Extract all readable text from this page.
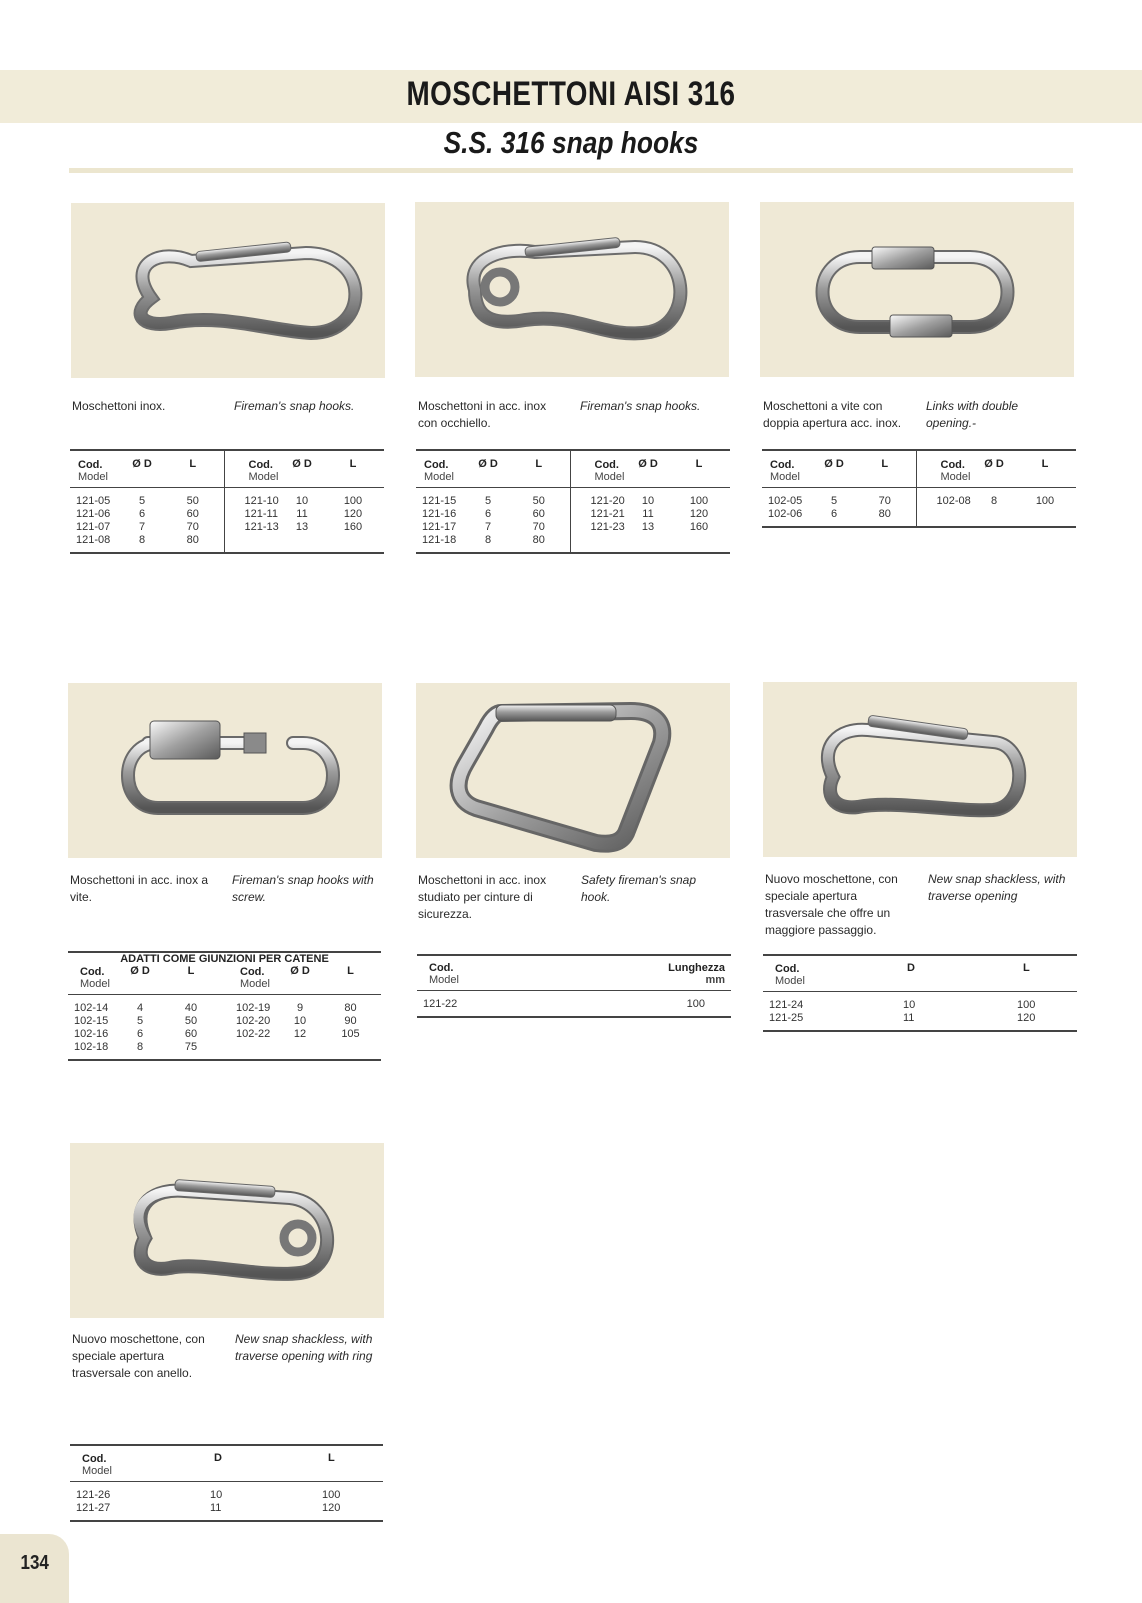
MOSCHETTONI AISI 316
S.S. 316 snap hooks
Moschettoni inox.	Fireman's snap hooks.
Cod.
Model	Ø D	L	Cod.
Model	Ø D	L
121-05	5	50	121-10	10	100
121-06	6	60	121-11	11	120
121-07	7	70	121-13	13	160
121-08	8	80			
Moschettoni in acc. inox con occhiello.
Fireman's snap hooks.
Cod.
Model	Ø D	L	Cod.
Model	Ø D	L
121-15	5	50	121-20	10	100
121-16	6	60	121-21	11	120
121-17	7	70	121-23	13	160
121-18	8	80			
Moschettoni a vite con doppia apertura acc. inox.
Links with double opening.-
Cod.
Model	Ø D	L	Cod.
Model	Ø D	L
102-05	5	70	102-08	8	100
102-06	6	80			
Moschettoni in acc. inox a vite.
Fireman's snap hooks with screw.
ADATTI COME GIUNZIONI PER CATENE					
Cod.
Model	Ø D	L	Cod.
Model	Ø D	L
102-14	4	40	102-19	9	80
102-15	5	50	102-20	10	90
102-16	6	60	102-22	12	105
102-18	8	75			
Moschettoni in acc. inox studiato per cinture di sicurezza.
Safety fireman's snap hook.
Cod.
Model	Lunghezza
mm

121-22	100
Nuovo moschettone, con speciale apertura trasversale che offre un maggiore passaggio.
New snap shackless, with traverse opening
Cod.
Model	D	L
121-24	10	100
121-25	11	120
Nuovo moschettone, con speciale apertura trasversale con anello.
New snap shackless, with traverse opening with ring
Cod.
Model	D	L
121-26	10	100
121-27	11	120
134
